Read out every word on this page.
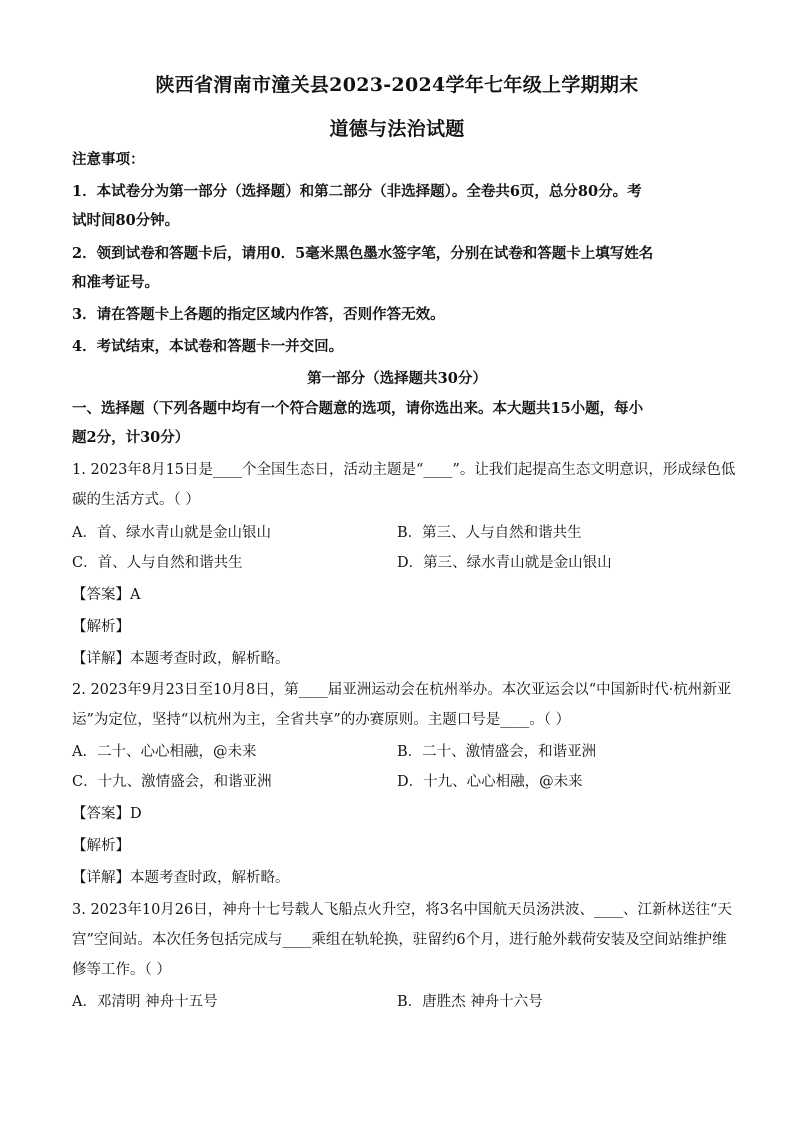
陕西省渭南市潼关县2023-2024学年七年级上学期期末
道德与法治试题
注意事项：
1．本试卷分为第一部分（选择题）和第二部分（非选择题）。全卷共6页，总分80分。考
试时间80分钟。
2．领到试卷和答题卡后，请用0．5毫米黑色墨水签字笔，分别在试卷和答题卡上填写姓名
和准考证号。
3．请在答题卡上各题的指定区域内作答，否则作答无效。
4．考试结束，本试卷和答题卡一并交回。
第一部分（选择题共30分）
一、选择题（下列各题中均有一个符合题意的选项，请你选出来。本大题共15小题，每小
题2分，计30分）
1. 2023年8月15日是____个全国生态日，活动主题是“____”。让我们起提高生态文明意识，形成绿色低
碳的生活方式。（ ）
A．首、绿水青山就是金山银山	B．第三、人与自然和谐共生
C．首、人与自然和谐共生	D．第三、绿水青山就是金山银山
【答案】A
【解析】
【详解】本题考查时政，解析略。
2. 2023年9月23日至10月8日，第____届亚洲运动会在杭州举办。本次亚运会以“中国新时代·杭州新亚
运”为定位，坚持“以杭州为主，全省共享”的办赛原则。主题口号是____。（ ）
A．二十、心心相融，@未来	B．二十、激情盛会，和谐亚洲
C．十九、激情盛会，和谐亚洲	D．十九、心心相融，@未来
【答案】D
【解析】
【详解】本题考查时政，解析略。
3. 2023年10月26日，神舟十七号载人飞船点火升空，将3名中国航天员汤洪波、____、江新林送往“天
宫”空间站。本次任务包括完成与____乘组在轨轮换，驻留约6个月，进行舱外载荷安装及空间站维护维
修等工作。（ ）
A．邓清明 神舟十五号	B．唐胜杰 神舟十六号
